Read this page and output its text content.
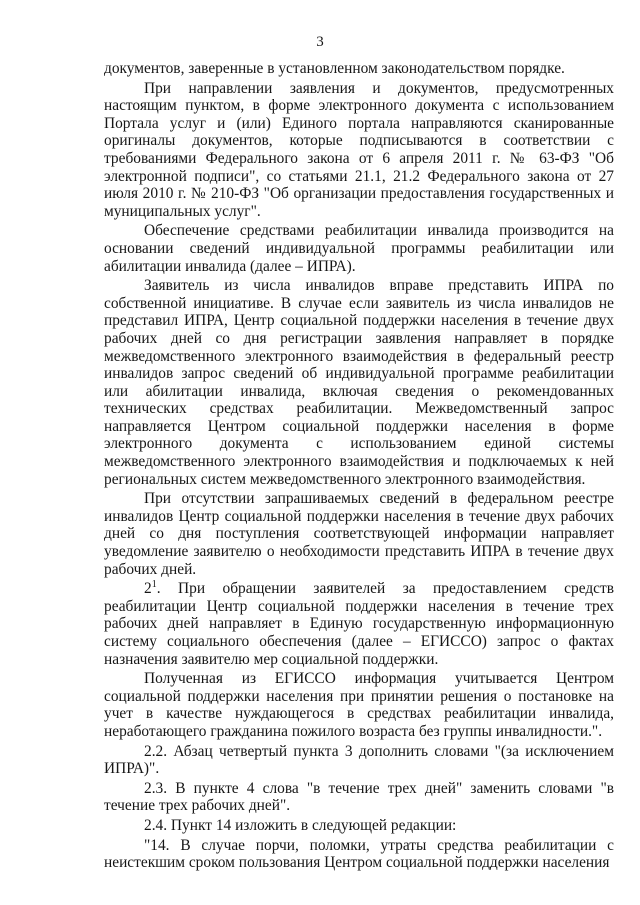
3

документов, заверенные в установленном законодательством порядке.

При направлении заявления и документов, предусмотренных настоящим пунктом, в форме электронного документа с использованием Портала услуг и (или) Единого портала направляются сканированные оригиналы документов, которые подписываются в соответствии с требованиями Федерального закона от 6 апреля 2011 г. № 63-ФЗ "Об электронной подписи", со статьями 21.1, 21.2 Федерального закона от 27 июля 2010 г. № 210-ФЗ "Об организации предоставления государственных и муниципальных услуг".

Обеспечение средствами реабилитации инвалида производится на основании сведений индивидуальной программы реабилитации или абилитации инвалида (далее – ИПРА).

Заявитель из числа инвалидов вправе представить ИПРА по собственной инициативе. В случае если заявитель из числа инвалидов не представил ИПРА, Центр социальной поддержки населения в течение двух рабочих дней со дня регистрации заявления направляет в порядке межведомственного электронного взаимодействия в федеральный реестр инвалидов запрос сведений об индивидуальной программе реабилитации или абилитации инвалида, включая сведения о рекомендованных технических средствах реабилитации. Межведомственный запрос направляется Центром социальной поддержки населения в форме электронного документа с использованием единой системы межведомственного электронного взаимодействия и подключаемых к ней региональных систем межведомственного электронного взаимодействия.

При отсутствии запрашиваемых сведений в федеральном реестре инвалидов Центр социальной поддержки населения в течение двух рабочих дней со дня поступления соответствующей информации направляет уведомление заявителю о необходимости представить ИПРА в течение двух рабочих дней.

$2^1$. При обращении заявителей за предоставлением средств реабилитации Центр социальной поддержки населения в течение трех рабочих дней направляет в Единую государственную информационную систему социального обеспечения (далее – ЕГИССО) запрос о фактах назначения заявителю мер социальной поддержки.

Полученная из ЕГИССО информация учитывается Центром социальной поддержки населения при принятии решения о постановке на учет в качестве нуждающегося в средствах реабилитации инвалида, неработающего гражданина пожилого возраста без группы инвалидности.".

2.2. Абзац четвертый пункта 3 дополнить словами "(за исключением ИПРА)".

2.3. В пункте 4 слова "в течение трех дней" заменить словами "в течение трех рабочих дней".

2.4. Пункт 14 изложить в следующей редакции:

"14. В случае порчи, поломки, утраты средства реабилитации с неистекшим сроком пользования Центром социальной поддержки населения
